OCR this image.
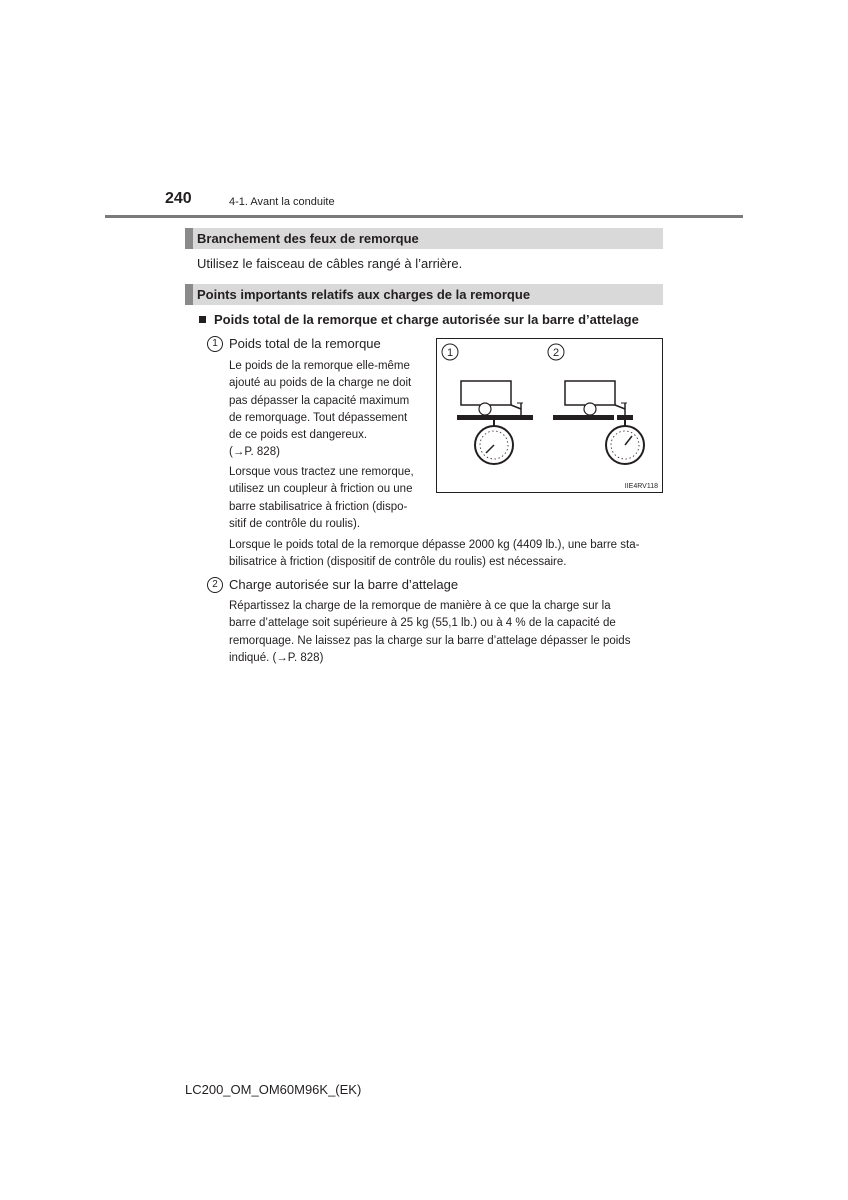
240	4-1. Avant la conduite
Branchement des feux de remorque
Utilisez le faisceau de câbles rangé à l’arrière.
Points importants relatifs aux charges de la remorque
Poids total de la remorque et charge autorisée sur la barre d’attelage
1 Poids total de la remorque
Le poids de la remorque elle-même
ajouté au poids de la charge ne doit
pas dépasser la capacité maximum
de remorquage. Tout dépassement
de ce poids est dangereux.
(→P. 828)
Lorsque vous tractez une remorque,
utilisez un coupleur à friction ou une
barre stabilisatrice à friction (dispo-
sitif de contrôle du roulis).
Lorsque le poids total de la remorque dépasse 2000 kg (4409 lb.), une barre sta-
bilisatrice à friction (dispositif de contrôle du roulis) est nécessaire.
1	2
IIE4RV118
2 Charge autorisée sur la barre d’attelage
Répartissez la charge de la remorque de manière à ce que la charge sur la
barre d’attelage soit supérieure à 25 kg (55,1 lb.) ou à 4 % de la capacité de
remorquage. Ne laissez pas la charge sur la barre d’attelage dépasser le poids
indiqué. (→P. 828)
LC200_OM_OM60M96K_(EK)
